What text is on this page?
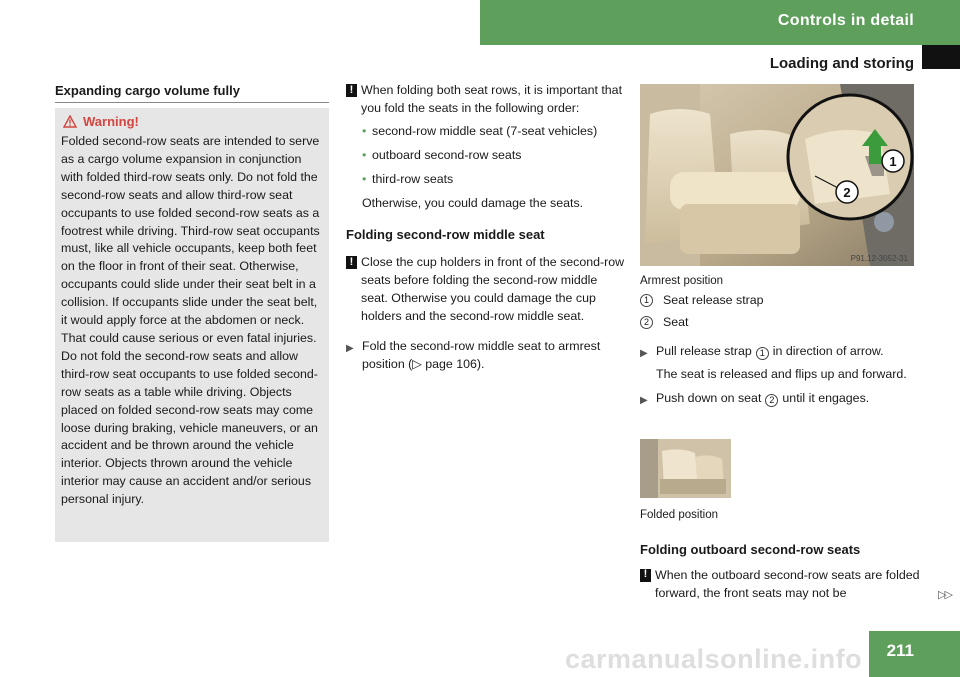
Controls in detail
Loading and storing
Expanding cargo volume fully
Warning!
Folded second-row seats are intended to serve as a cargo volume expansion in conjunction with folded third-row seats only. Do not fold the second-row seats and allow third-row seat occupants to use folded second-row seats as a footrest while driving. Third-row seat occupants must, like all vehicle occupants, keep both feet on the floor in front of their seat. Otherwise, occupants could slide under their seat belt in a collision. If occupants slide under the seat belt, it would apply force at the abdomen or neck. That could cause serious or even fatal injuries. Do not fold the second-row seats and allow third-row seat occupants to use folded second-row seats as a table while driving. Objects placed on folded second-row seats may come loose during braking, vehicle maneuvers, or an accident and be thrown around the vehicle interior. Objects thrown around the vehicle interior may cause an accident and/or serious personal injury.
! When folding both seat rows, it is important that you fold the seats in the following order:
• second-row middle seat (7-seat vehicles)
• outboard second-row seats
• third-row seats
Otherwise, you could damage the seats.
Folding second-row middle seat
! Close the cup holders in front of the second-row seats before folding the second-row middle seat. Otherwise you could damage the cup holders and the second-row middle seat.
▶ Fold the second-row middle seat to armrest position (▷ page 106).
1
2
P91.12-3052-31
Armrest position
1	Seat release strap
2	Seat
▶ Pull release strap 1 in direction of arrow.
The seat is released and flips up and forward.
▶ Push down on seat 2 until it engages.
Folded position
Folding outboard second-row seats
! When the outboard second-row seats are folded forward, the front seats may not be	▷▷
211
carmanualsonline.info
